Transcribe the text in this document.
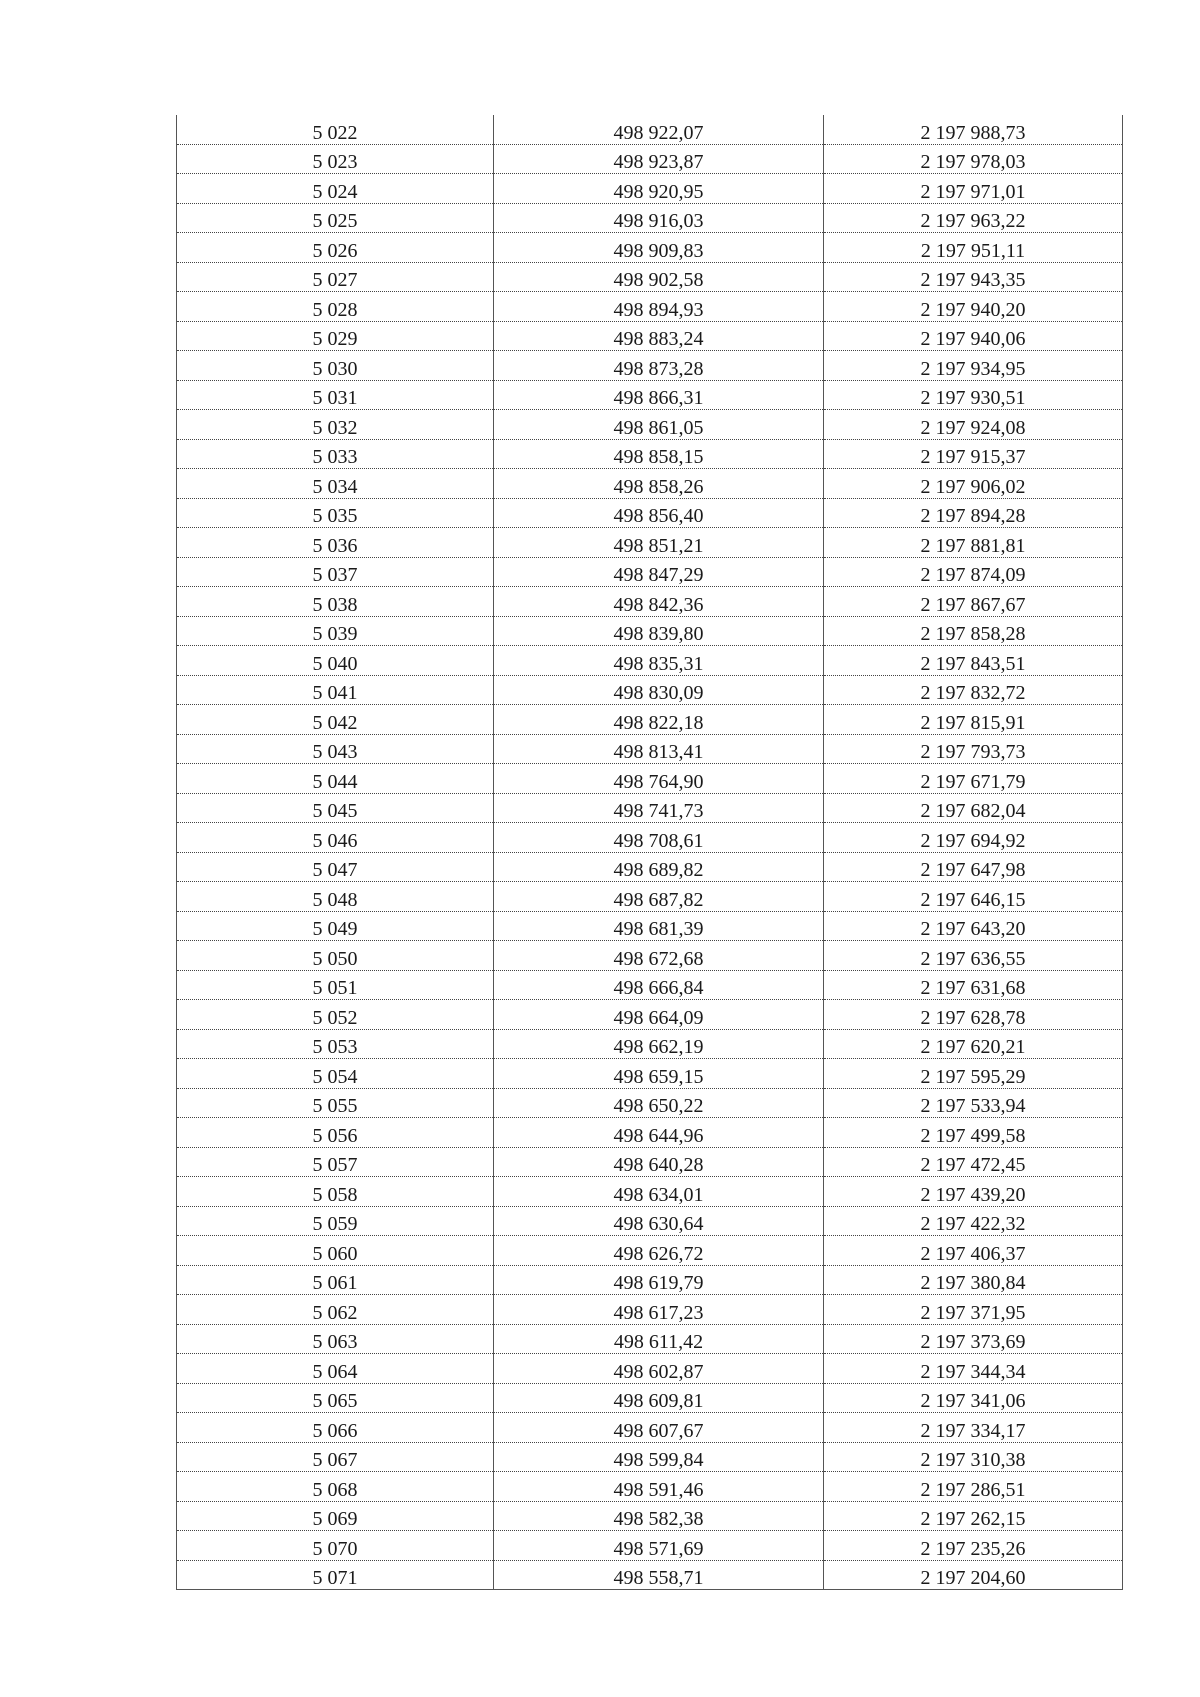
5 022	498 922,07	2 197 988,73
5 023	498 923,87	2 197 978,03
5 024	498 920,95	2 197 971,01
5 025	498 916,03	2 197 963,22
5 026	498 909,83	2 197 951,11
5 027	498 902,58	2 197 943,35
5 028	498 894,93	2 197 940,20
5 029	498 883,24	2 197 940,06
5 030	498 873,28	2 197 934,95
5 031	498 866,31	2 197 930,51
5 032	498 861,05	2 197 924,08
5 033	498 858,15	2 197 915,37
5 034	498 858,26	2 197 906,02
5 035	498 856,40	2 197 894,28
5 036	498 851,21	2 197 881,81
5 037	498 847,29	2 197 874,09
5 038	498 842,36	2 197 867,67
5 039	498 839,80	2 197 858,28
5 040	498 835,31	2 197 843,51
5 041	498 830,09	2 197 832,72
5 042	498 822,18	2 197 815,91
5 043	498 813,41	2 197 793,73
5 044	498 764,90	2 197 671,79
5 045	498 741,73	2 197 682,04
5 046	498 708,61	2 197 694,92
5 047	498 689,82	2 197 647,98
5 048	498 687,82	2 197 646,15
5 049	498 681,39	2 197 643,20
5 050	498 672,68	2 197 636,55
5 051	498 666,84	2 197 631,68
5 052	498 664,09	2 197 628,78
5 053	498 662,19	2 197 620,21
5 054	498 659,15	2 197 595,29
5 055	498 650,22	2 197 533,94
5 056	498 644,96	2 197 499,58
5 057	498 640,28	2 197 472,45
5 058	498 634,01	2 197 439,20
5 059	498 630,64	2 197 422,32
5 060	498 626,72	2 197 406,37
5 061	498 619,79	2 197 380,84
5 062	498 617,23	2 197 371,95
5 063	498 611,42	2 197 373,69
5 064	498 602,87	2 197 344,34
5 065	498 609,81	2 197 341,06
5 066	498 607,67	2 197 334,17
5 067	498 599,84	2 197 310,38
5 068	498 591,46	2 197 286,51
5 069	498 582,38	2 197 262,15
5 070	498 571,69	2 197 235,26
5 071	498 558,71	2 197 204,60
